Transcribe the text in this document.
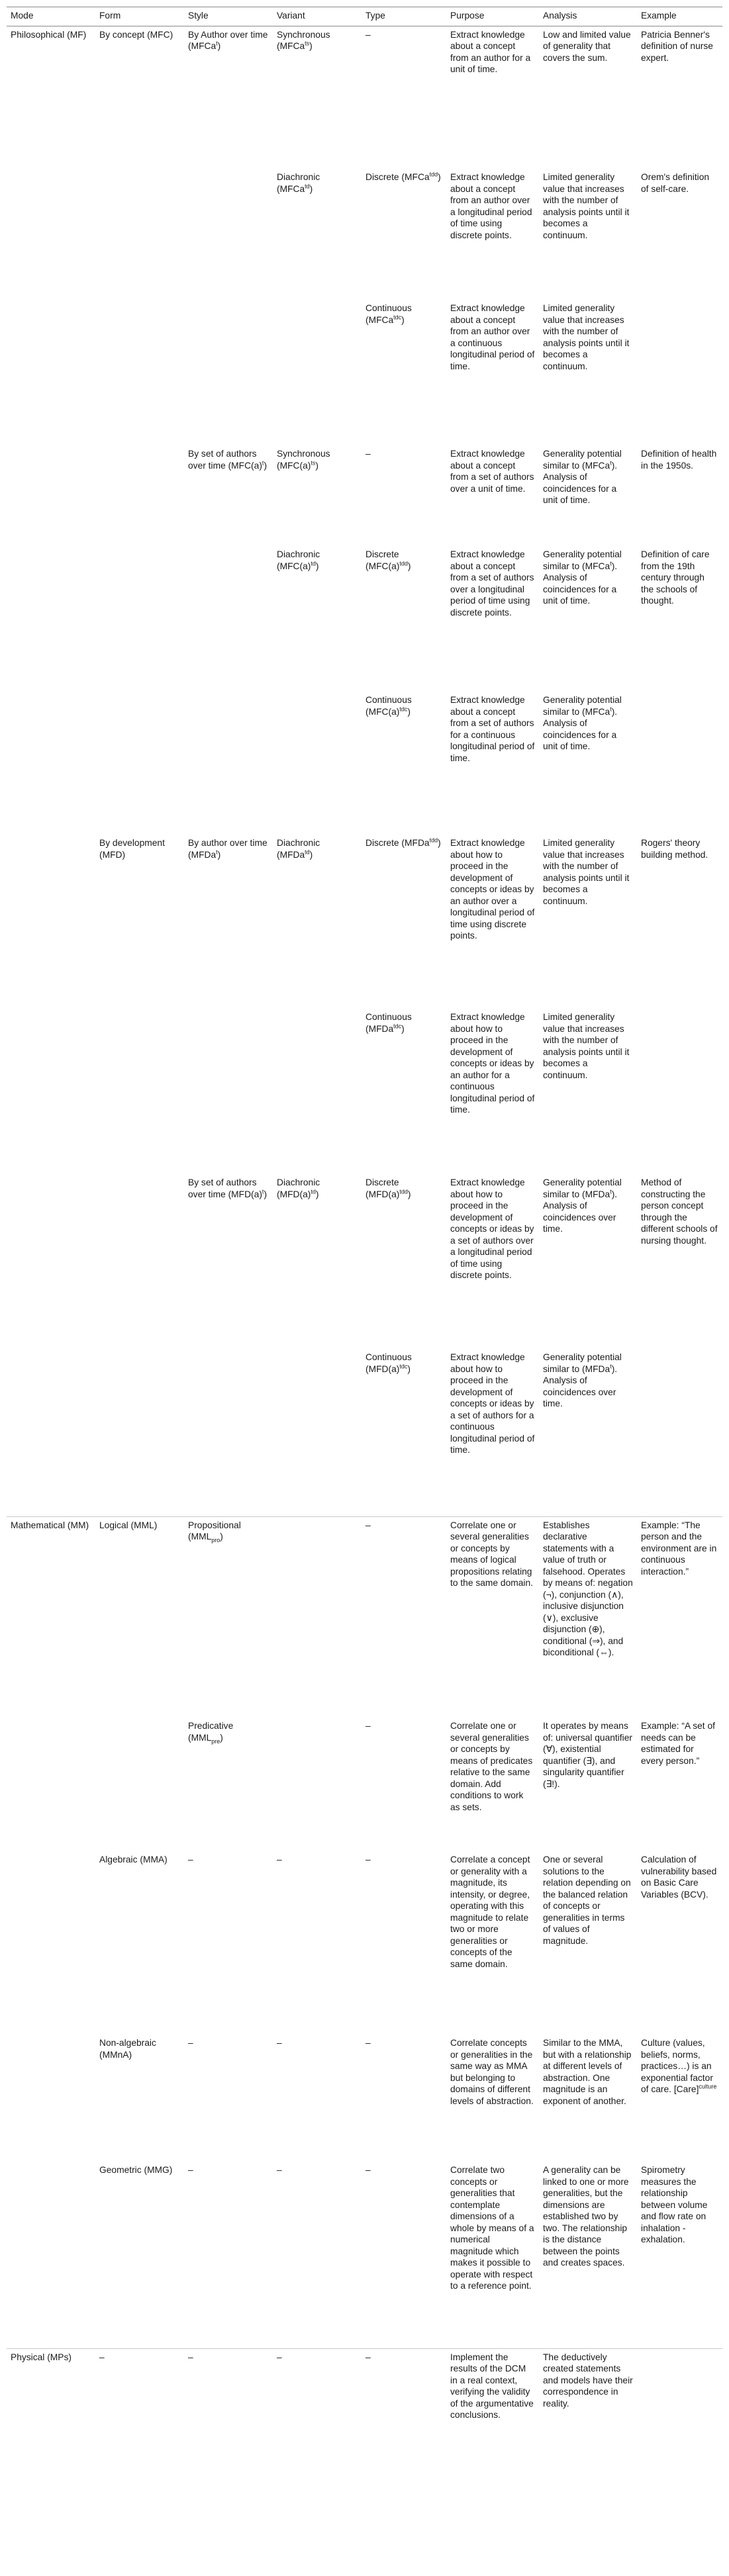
Mode	Form	Style	Variant	Type	Purpose	Analysis	Example
Philosophical (MF)	By concept (MFC)	By Author over time (MFCa$^t$)	Synchronous (MFCa$^{ts}$)	–	Extract knowledge about a concept from an author for a unit of time.	Low and limited value of generality that covers the sum.	Patricia Benner's definition of nurse expert.
			Diachronic (MFCa$^{td}$)	Discrete (MFCa$^{tdd}$)	Extract knowledge about a concept from an author over a longitudinal period of time using discrete points.	Limited generality value that increases with the number of analysis points until it becomes a continuum.	Orem's definition of self-care.
				Continuous (MFCa$^{tdc}$)	Extract knowledge about a concept from an author over a continuous longitudinal period of time.	Limited generality value that increases with the number of analysis points until it becomes a continuum.	
		By set of authors over time $(MFC(a)^t)$	Synchronous $(MFC(a)^{ts})$	–	Extract knowledge about a concept from a set of authors over a unit of time.	Generality potential similar to (MFCa$^t$). Analysis of coincidences for a unit of time.	Definition of health in the 1950s.
			Diachronic $(MFC(a)^{td})$	Discrete $(MFC(a)^{tdd})$	Extract knowledge about a concept from a set of authors over a longitudinal period of time using discrete points.	Generality potential similar to (MFCa$^t$). Analysis of coincidences for a unit of time.	Definition of care from the 19th century through the schools of thought.
				Continuous $(MFC(a)^{tdc})$	Extract knowledge about a concept from a set of authors for a continuous longitudinal period of time.	Generality potential similar to (MFCa$^t$). Analysis of coincidences for a unit of time.	
	By development (MFD)	By author over time (MFDa$^t$)	Diachronic (MFDa$^{td}$)	Discrete (MFDa$^{tdd}$)	Extract knowledge about how to proceed in the development of concepts or ideas by an author over a longitudinal period of time using discrete points.	Limited generality value that increases with the number of analysis points until it becomes a continuum.	Rogers' theory building method.
				Continuous (MFDa$^{tdc}$)	Extract knowledge about how to proceed in the development of concepts or ideas by an author for a continuous longitudinal period of time.	Limited generality value that increases with the number of analysis points until it becomes a continuum.	
		By set of authors over time $(MFD(a)^t)$	Diachronic $(MFD(a)^{td})$	Discrete $(MFD(a)^{tdd})$	Extract knowledge about how to proceed in the development of concepts or ideas by a set of authors over a longitudinal period of time using discrete points.	Generality potential similar to (MFDa$^t$). Analysis of coincidences over time.	Method of constructing the person concept through the different schools of nursing thought.
				Continuous $(MFD(a)^{tdc})$	Extract knowledge about how to proceed in the development of concepts or ideas by a set of authors for a continuous longitudinal period of time.	Generality potential similar to (MFDa$^t$). Analysis of coincidences over time.	
Mathematical (MM)	Logical (MML)	Propositional $(MML_{pro})$		–	Correlate one or several generalities or concepts by means of logical propositions relating to the same domain.	Establishes declarative statements with a value of truth or falsehood. Operates by means of: negation (¬), conjunction (∧), inclusive disjunction (∨), exclusive disjunction (⊕), conditional (⇒), and biconditional (⇔).	Example: “The person and the environment are in continuous interaction.”
		Predicative $(MML_{pre})$		–	Correlate one or several generalities or concepts by means of predicates relative to the same domain. Add conditions to work as sets.	It operates by means of: universal quantifier (∀), existential quantifier (∃), and singularity quantifier (∃!).	Example: “A set of needs can be estimated for every person.”
	Algebraic (MMA)	–	–	–	Correlate a concept or generality with a magnitude, its intensity, or degree, operating with this magnitude to relate two or more generalities or concepts of the same domain.	One or several solutions to the relation depending on the balanced relation of concepts or generalities in terms of values of magnitude.	Calculation of vulnerability based on Basic Care Variables (BCV).
	Non-algebraic (MMnA)	–	–	–	Correlate concepts or generalities in the same way as MMA but belonging to domains of different levels of abstraction.	Similar to the MMA, but with a relationship at different levels of abstraction. One magnitude is an exponent of another.	Culture (values, beliefs, norms, practices…) is an exponential factor of care. [Care]$^{culture}$
	Geometric (MMG)	–	–	–	Correlate two concepts or generalities that contemplate dimensions of a whole by means of a numerical magnitude which makes it possible to operate with respect to a reference point.	A generality can be linked to one or more generalities, but the dimensions are established two by two. The relationship is the distance between the points and creates spaces.	Spirometry measures the relationship between volume and flow rate on inhalation - exhalation.
Physical (MPs)	–	–	–	–	Implement the results of the DCM in a real context, verifying the validity of the argumentative conclusions.	The deductively created statements and models have their correspondence in reality.	
